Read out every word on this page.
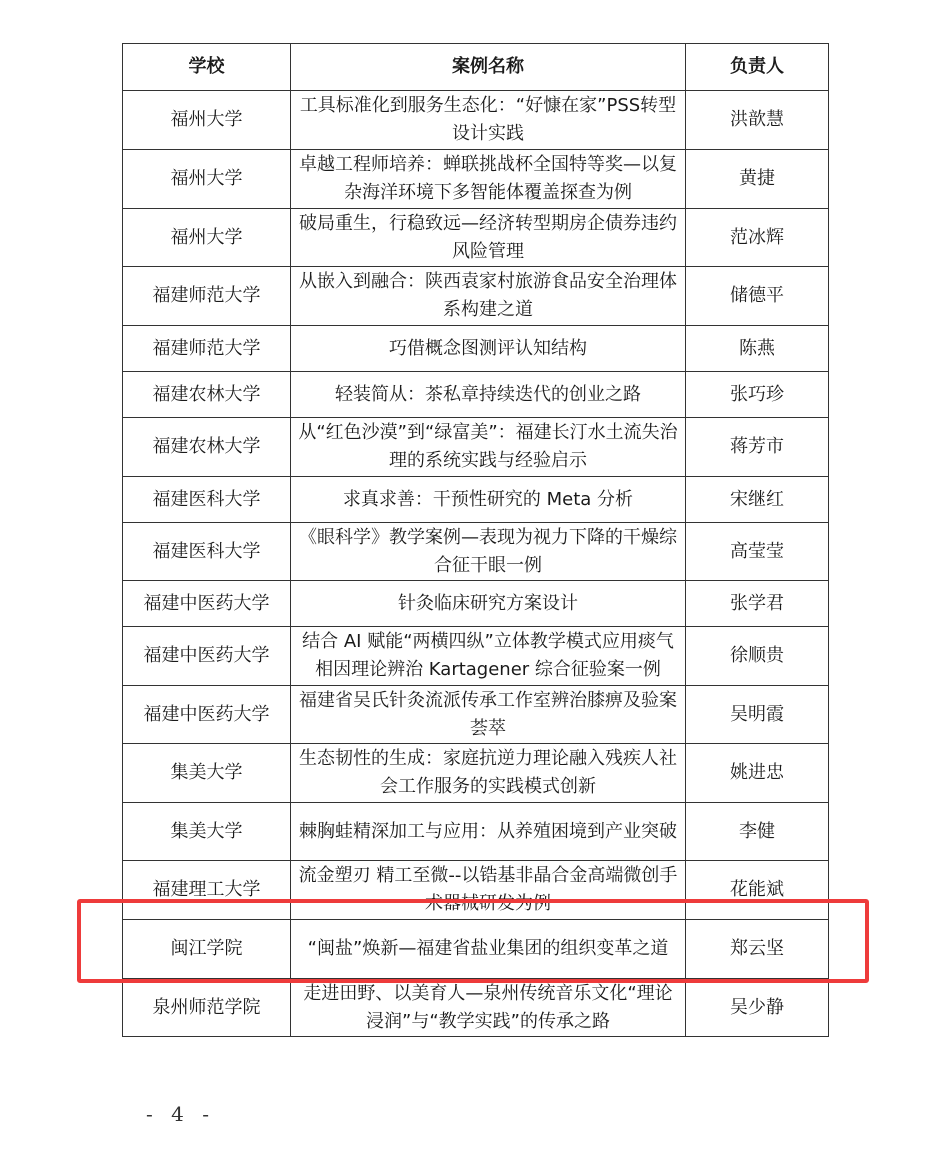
学校	案例名称	负责人
福州大学	工具标准化到服务生态化：“好慷在家”PSS转型设计实践	洪歆慧
福州大学	卓越工程师培养：蝉联挑战杯全国特等奖—以复杂海洋环境下多智能体覆盖探查为例	黄捷
福州大学	破局重生，行稳致远—经济转型期房企债券违约风险管理	范冰辉
福建师范大学	从嵌入到融合：陕西袁家村旅游食品安全治理体系构建之道	储德平
福建师范大学	巧借概念图测评认知结构	陈燕
福建农林大学	轻装简从：茶私章持续迭代的创业之路	张巧珍
福建农林大学	从“红色沙漠”到“绿富美”：福建长汀水土流失治理的系统实践与经验启示	蒋芳市
福建医科大学	求真求善：干预性研究的 Meta 分析	宋继红
福建医科大学	《眼科学》教学案例—表现为视力下降的干燥综合征干眼一例	高莹莹
福建中医药大学	针灸临床研究方案设计	张学君
福建中医药大学	结合 AI 赋能“两横四纵”立体教学模式应用痰气相因理论辨治 Kartagener 综合征验案一例	徐顺贵
福建中医药大学	福建省吴氏针灸流派传承工作室辨治膝痹及验案荟萃	吴明霞
集美大学	生态韧性的生成：家庭抗逆力理论融入残疾人社会工作服务的实践模式创新	姚进忠
集美大学	棘胸蛙精深加工与应用：从养殖困境到产业突破	李健
福建理工大学	流金塑刃 精工至微--以锆基非晶合金高端微创手术器械研发为例	花能斌
闽江学院	“闽盐”焕新—福建省盐业集团的组织变革之道	郑云坚
泉州师范学院	走进田野、以美育人—泉州传统音乐文化“理论浸润”与“教学实践”的传承之路	吴少静
- 4 -
